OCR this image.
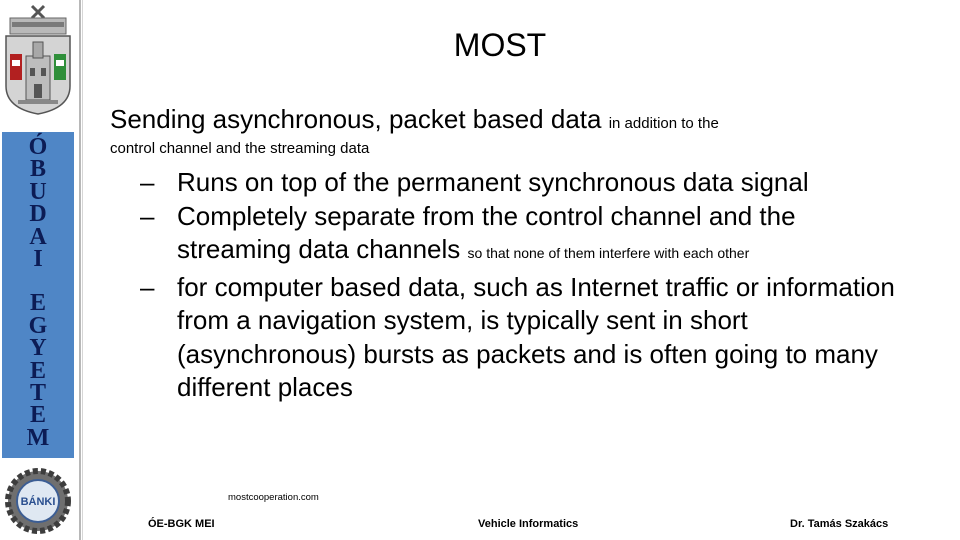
Ó
B
U
D
A
I
E
G
Y
E
T
E
M
BÁNKI
MOST
Sending asynchronous, packet based data in addition to the
control channel and the streaming data
– Runs on top of the permanent synchronous data signal
– Completely separate from the control channel and the streaming data channels so that none of them interfere with each other
– for computer based data, such as Internet traffic or information from a navigation system, is typically sent in short (asynchronous) bursts as packets and is often going to many different places
mostcooperation.com
ÓE-BGK MEI	Vehicle Informatics	Dr. Tamás Szakács
